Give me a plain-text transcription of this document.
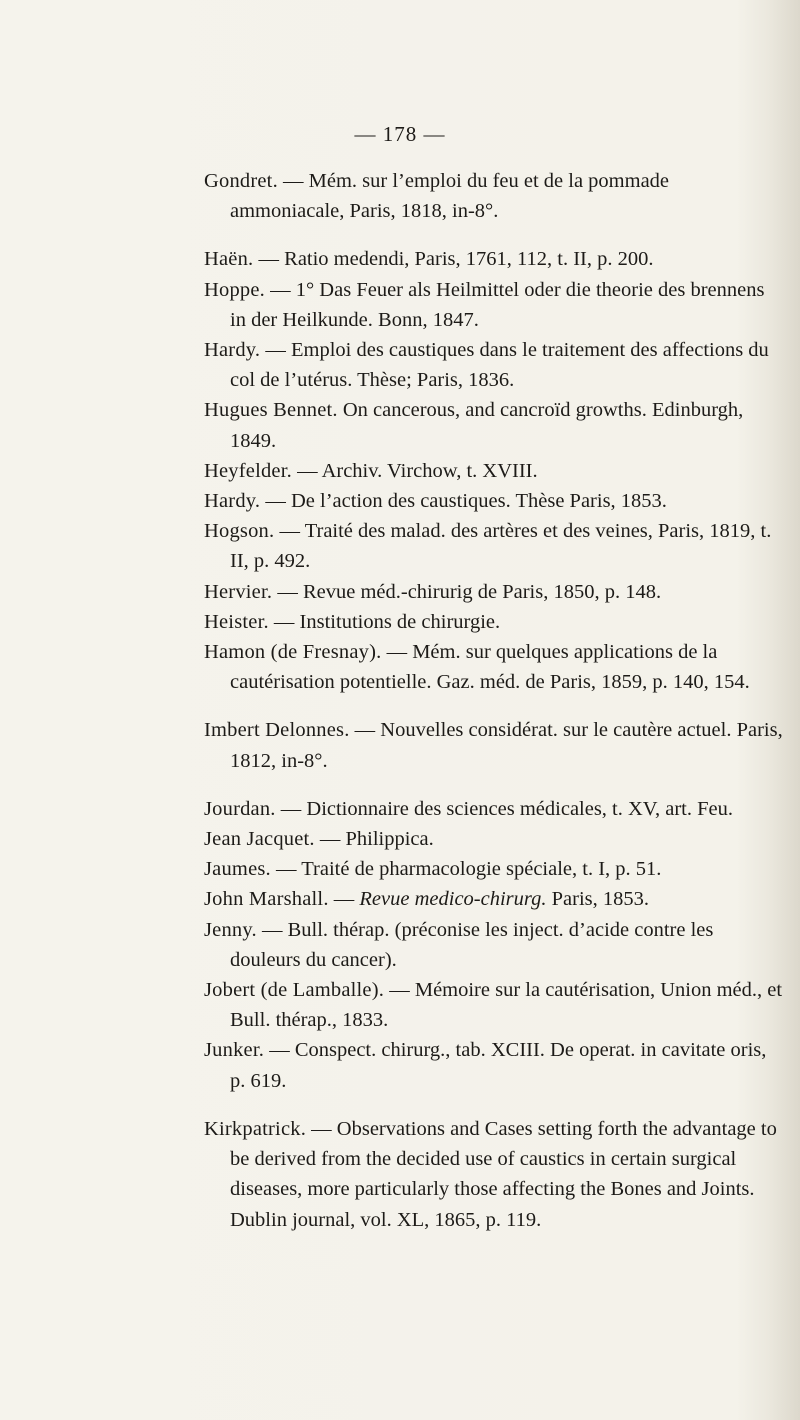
— 178 —

Gondret. — Mém. sur l’emploi du feu et de la pommade ammoniacale, Paris, 1818, in-8°.

Haën. — Ratio medendi, Paris, 1761, 112, t. II, p. 200.

Hoppe. — 1° Das Feuer als Heilmittel oder die theorie des brennens in der Heilkunde. Bonn, 1847.

Hardy. — Emploi des caustiques dans le traitement des affections du col de l’utérus. Thèse; Paris, 1836.

Hugues Bennet. On cancerous, and cancroïd growths. Edinburgh, 1849.

Heyfelder. — Archiv. Virchow, t. XVIII.

Hardy. — De l’action des caustiques. Thèse Paris, 1853.

Hogson. — Traité des malad. des artères et des veines, Paris, 1819, t. II, p. 492.

Hervier. — Revue méd.-chirurig de Paris, 1850, p. 148.

Heister. — Institutions de chirurgie.

Hamon (de Fresnay). — Mém. sur quelques applications de la cautérisation potentielle. Gaz. méd. de Paris, 1859, p. 140, 154.

Imbert Delonnes. — Nouvelles considérat. sur le cautère actuel. Paris, 1812, in-8°.

Jourdan. — Dictionnaire des sciences médicales, t. XV, art. Feu.

Jean Jacquet. — Philippica.

Jaumes. — Traité de pharmacologie spéciale, t. I, p. 51.

John Marshall. — Revue medico-chirurg. Paris, 1853.

Jenny. — Bull. thérap. (préconise les inject. d’acide contre les douleurs du cancer).

Jobert (de Lamballe). — Mémoire sur la cautérisation, Union méd., et Bull. thérap., 1833.

Junker. — Conspect. chirurg., tab. XCIII. De operat. in cavitate oris, p. 619.

Kirkpatrick. — Observations and Cases setting forth the advantage to be derived from the decided use of caustics in certain surgical diseases, more particularly those affecting the Bones and Joints. Dublin journal, vol. XL, 1865, p. 119.
